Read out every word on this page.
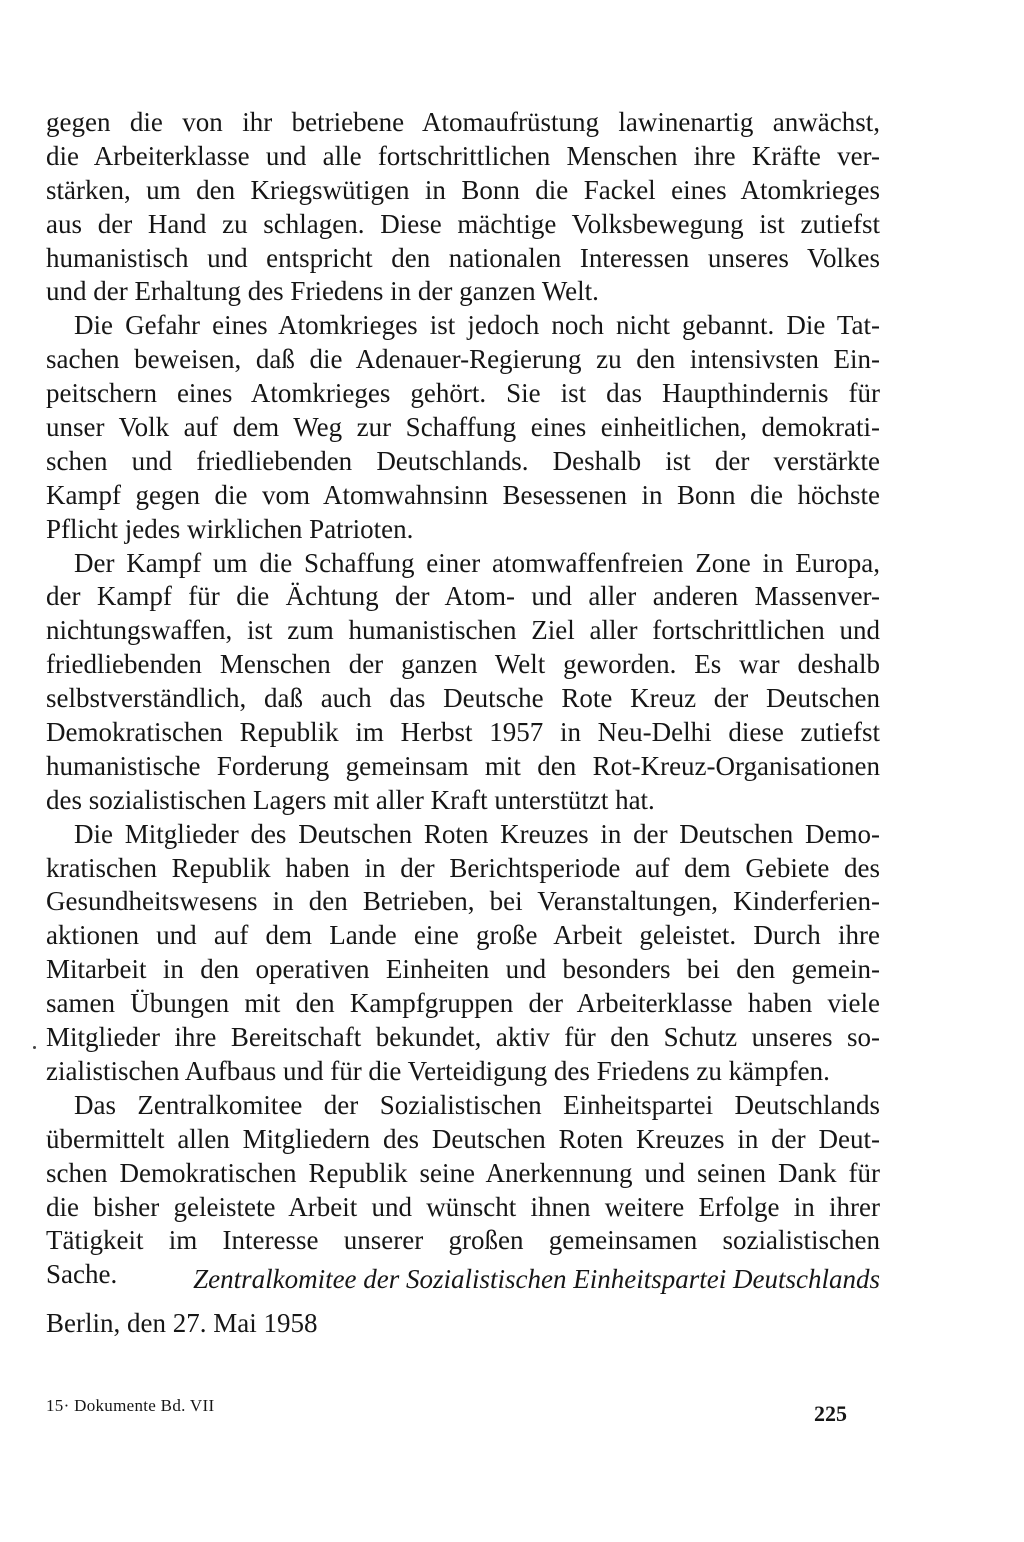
gegen die von ihr betriebene Atomaufrüstung lawinenartig anwächst,
die Arbeiterklasse und alle fortschrittlichen Menschen ihre Kräfte ver-
stärken, um den Kriegswütigen in Bonn die Fackel eines Atomkrieges
aus der Hand zu schlagen. Diese mächtige Volksbewegung ist zutiefst
humanistisch und entspricht den nationalen Interessen unseres Volkes
und der Erhaltung des Friedens in der ganzen Welt.
Die Gefahr eines Atomkrieges ist jedoch noch nicht gebannt. Die Tat-
sachen beweisen, daß die Adenauer-Regierung zu den intensivsten Ein-
peitschern eines Atomkrieges gehört. Sie ist das Haupthindernis für
unser Volk auf dem Weg zur Schaffung eines einheitlichen, demokrati-
schen und friedliebenden Deutschlands. Deshalb ist der verstärkte
Kampf gegen die vom Atomwahnsinn Besessenen in Bonn die höchste
Pflicht jedes wirklichen Patrioten.
Der Kampf um die Schaffung einer atomwaffenfreien Zone in Europa,
der Kampf für die Ächtung der Atom- und aller anderen Massenver-
nichtungswaffen, ist zum humanistischen Ziel aller fortschrittlichen und
friedliebenden Menschen der ganzen Welt geworden. Es war deshalb
selbstverständlich, daß auch das Deutsche Rote Kreuz der Deutschen
Demokratischen Republik im Herbst 1957 in Neu-Delhi diese zutiefst
humanistische Forderung gemeinsam mit den Rot-Kreuz-Organisationen
des sozialistischen Lagers mit aller Kraft unterstützt hat.
Die Mitglieder des Deutschen Roten Kreuzes in der Deutschen Demo-
kratischen Republik haben in der Berichtsperiode auf dem Gebiete des
Gesundheitswesens in den Betrieben, bei Veranstaltungen, Kinderferien-
aktionen und auf dem Lande eine große Arbeit geleistet. Durch ihre
Mitarbeit in den operativen Einheiten und besonders bei den gemein-
samen Übungen mit den Kampfgruppen der Arbeiterklasse haben viele
Mitglieder ihre Bereitschaft bekundet, aktiv für den Schutz unseres so-
zialistischen Aufbaus und für die Verteidigung des Friedens zu kämpfen.
Das Zentralkomitee der Sozialistischen Einheitspartei Deutschlands
übermittelt allen Mitgliedern des Deutschen Roten Kreuzes in der Deut-
schen Demokratischen Republik seine Anerkennung und seinen Dank für
die bisher geleistete Arbeit und wünscht ihnen weitere Erfolge in ihrer
Tätigkeit im Interesse unserer großen gemeinsamen sozialistischen
Sache.	Zentralkomitee der Sozialistischen Einheitspartei Deutschlands
Berlin, den 27. Mai 1958
15· Dokumente Bd. VII	225
